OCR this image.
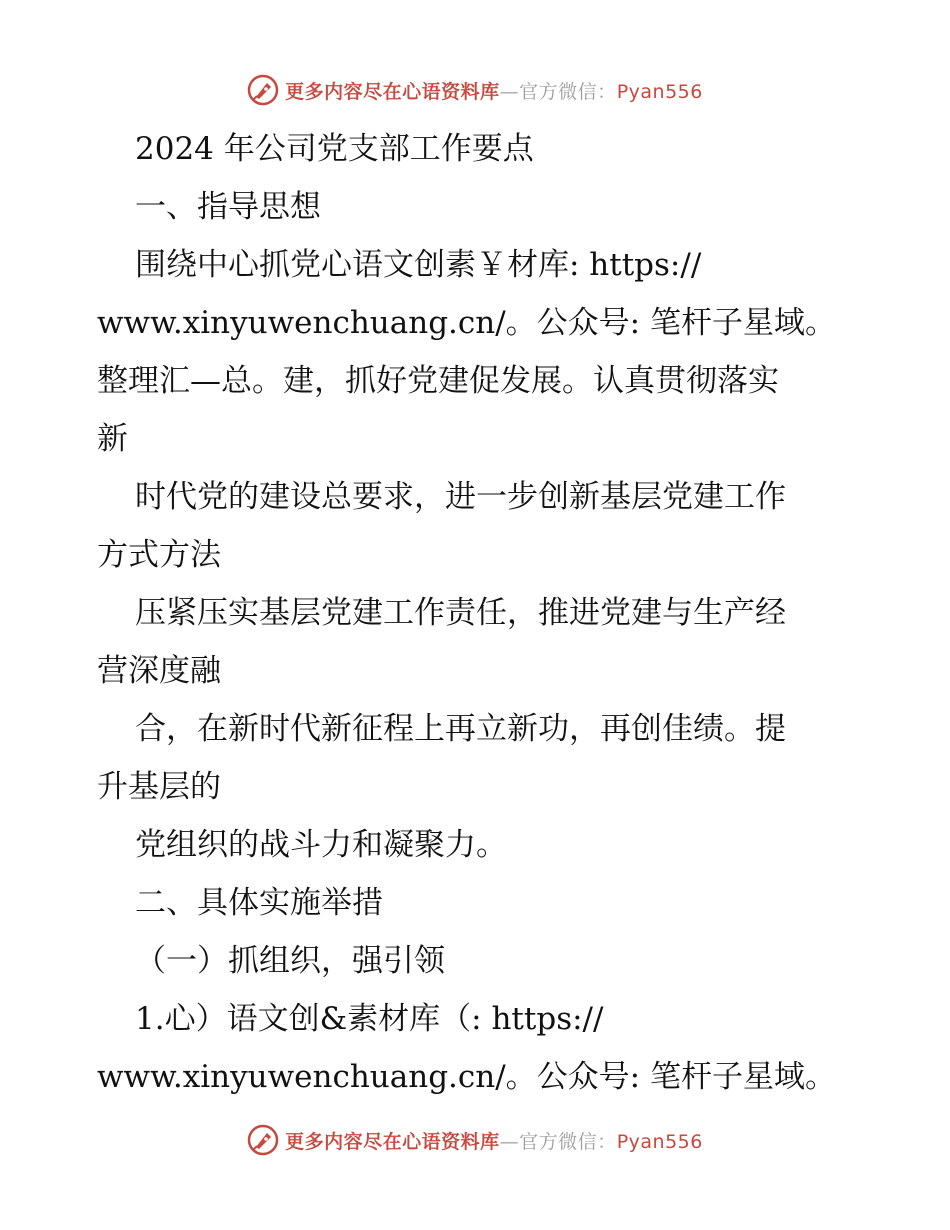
更多内容尽在心语资料库—官方微信：Pyan556
2024 年公司党支部工作要点
一、指导思想
围绕中心抓党心语文创素￥材库: https://
www.xinyuwenchuang.cn/。公众号: 笔杆子星域。
整理汇—总。建，抓好党建促发展。认真贯彻落实
新
时代党的建设总要求，进一步创新基层党建工作
方式方法
压紧压实基层党建工作责任，推进党建与生产经
营深度融
合，在新时代新征程上再立新功，再创佳绩。提
升基层的
党组织的战斗力和凝聚力。
二、具体实施举措
（一）抓组织，强引领
1.心）语文创&素材库（: https://
www.xinyuwenchuang.cn/。公众号: 笔杆子星域。
更多内容尽在心语资料库—官方微信：Pyan556
